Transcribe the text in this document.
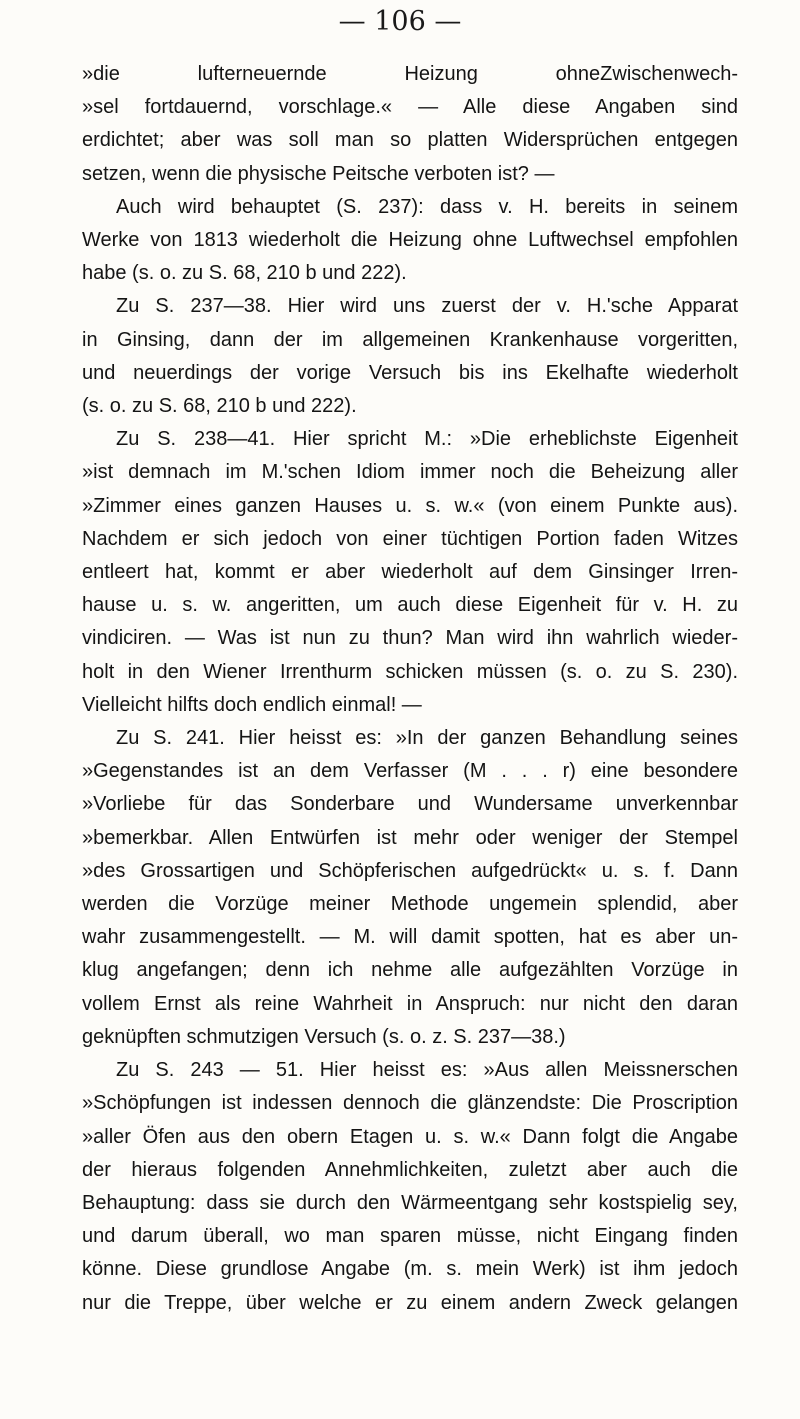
— 106 —
»die lufterneuernde Heizung ohneZwischenwech-
»sel fortdauernd, vorschlage.« — Alle diese Angaben sind
erdichtet; aber was soll man so platten Widersprüchen entgegen
setzen, wenn die physische Peitsche verboten ist? —
Auch wird behauptet (S. 237): dass v. H. bereits in seinem
Werke von 1813 wiederholt die Heizung ohne Luftwechsel empfohlen
habe (s. o. zu S. 68, 210 b und 222).
Zu S. 237—38. Hier wird uns zuerst der v. H.'sche Apparat
in Ginsing, dann der im allgemeinen Krankenhause vorgeritten,
und neuerdings der vorige Versuch bis ins Ekelhafte wiederholt
(s. o. zu S. 68, 210 b und 222).
Zu S. 238—41. Hier spricht M.: »Die erheblichste Eigenheit
»ist demnach im M.'schen Idiom immer noch die Beheizung aller
»Zimmer eines ganzen Hauses u. s. w.« (von einem Punkte aus).
Nachdem er sich jedoch von einer tüchtigen Portion faden Witzes
entleert hat, kommt er aber wiederholt auf dem Ginsinger Irren-
hause u. s. w. angeritten, um auch diese Eigenheit für v. H. zu
vindiciren. — Was ist nun zu thun? Man wird ihn wahrlich wieder-
holt in den Wiener Irrenthurm schicken müssen (s. o. zu S. 230).
Vielleicht hilfts doch endlich einmal! —
Zu S. 241. Hier heisst es: »In der ganzen Behandlung seines
»Gegenstandes ist an dem Verfasser (M . . . r) eine besondere
»Vorliebe für das Sonderbare und Wundersame unverkennbar
»bemerkbar. Allen Entwürfen ist mehr oder weniger der Stempel
»des Grossartigen und Schöpferischen aufgedrückt« u. s. f. Dann
werden die Vorzüge meiner Methode ungemein splendid, aber
wahr zusammengestellt. — M. will damit spotten, hat es aber un-
klug angefangen; denn ich nehme alle aufgezählten Vorzüge in
vollem Ernst als reine Wahrheit in Anspruch: nur nicht den daran
geknüpften schmutzigen Versuch (s. o. z. S. 237—38.)
Zu S. 243 — 51. Hier heisst es: »Aus allen Meissnerschen
»Schöpfungen ist indessen dennoch die glänzendste: Die Proscription
»aller Öfen aus den obern Etagen u. s. w.« Dann folgt die Angabe
der hieraus folgenden Annehmlichkeiten, zuletzt aber auch die
Behauptung: dass sie durch den Wärmeentgang sehr kostspielig sey,
und darum überall, wo man sparen müsse, nicht Eingang finden
könne. Diese grundlose Angabe (m. s. mein Werk) ist ihm jedoch
nur die Treppe, über welche er zu einem andern Zweck gelangen
